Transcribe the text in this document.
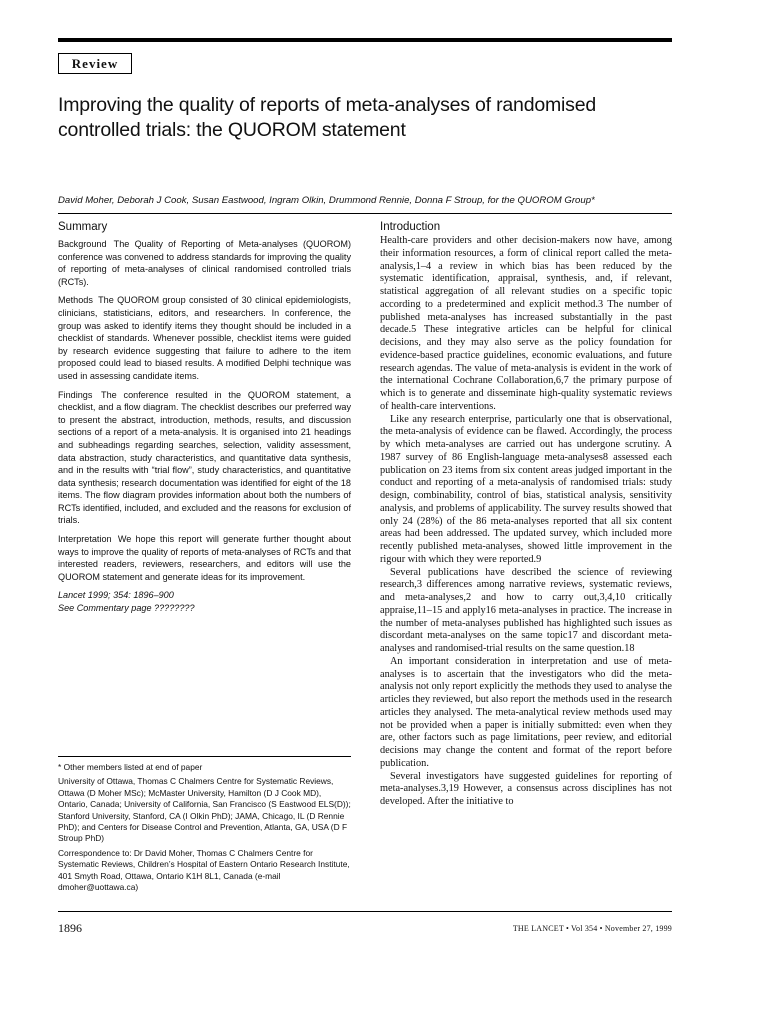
Review
Improving the quality of reports of meta-analyses of randomised controlled trials: the QUOROM statement
David Moher, Deborah J Cook, Susan Eastwood, Ingram Olkin, Drummond Rennie, Donna F Stroup, for the QUOROM Group*
Summary

Background The Quality of Reporting of Meta-analyses (QUOROM) conference was convened to address standards for improving the quality of reporting of meta-analyses of clinical randomised controlled trials (RCTs).

Methods The QUOROM group consisted of 30 clinical epidemiologists, clinicians, statisticians, editors, and researchers. In conference, the group was asked to identify items they thought should be included in a checklist of standards. Whenever possible, checklist items were guided by research evidence suggesting that failure to adhere to the item proposed could lead to biased results. A modified Delphi technique was used in assessing candidate items.

Findings The conference resulted in the QUOROM statement, a checklist, and a flow diagram. The checklist describes our preferred way to present the abstract, introduction, methods, results, and discussion sections of a report of a meta-analysis. It is organised into 21 headings and subheadings regarding searches, selection, validity assessment, data abstraction, study characteristics, and quantitative data synthesis, and in the results with “trial flow”, study characteristics, and quantitative data synthesis; research documentation was identified for eight of the 18 items. The flow diagram provides information about both the numbers of RCTs identified, included, and excluded and the reasons for exclusion of trials.

Interpretation We hope this report will generate further thought about ways to improve the quality of reports of meta-analyses of RCTs and that interested readers, reviewers, researchers, and editors will use the QUOROM statement and generate ideas for its improvement.

Lancet 1999; 354: 1896–900
See Commentary page ????????

* Other members listed at end of paper

University of Ottawa, Thomas C Chalmers Centre for Systematic Reviews, Ottawa (D Moher MSc); McMaster University, Hamilton (D J Cook MD), Ontario, Canada; University of California, San Francisco (S Eastwood ELS(D)); Stanford University, Stanford, CA (I Olkin PhD); JAMA, Chicago, IL (D Rennie PhD); and Centers for Disease Control and Prevention, Atlanta, GA, USA (D F Stroup PhD)

Correspondence to: Dr David Moher, Thomas C Chalmers Centre for Systematic Reviews, Children’s Hospital of Eastern Ontario Research Institute, 401 Smyth Road, Ottawa, Ontario K1H 8L1, Canada (e-mail dmoher@uottawa.ca)

Introduction

Health-care providers and other decision-makers now have, among their information resources, a form of clinical report called the meta-analysis,1–4 a review in which bias has been reduced by the systematic identification, appraisal, synthesis, and, if relevant, statistical aggregation of all relevant studies on a specific topic according to a predetermined and explicit method.3 The number of published meta-analyses has increased substantially in the past decade.5 These integrative articles can be helpful for clinical decisions, and they may also serve as the policy foundation for evidence-based practice guidelines, economic evaluations, and future research agendas. The value of meta-analysis is evident in the work of the international Cochrane Collaboration,6,7 the primary purpose of which is to generate and disseminate high-quality systematic reviews of health-care interventions.

Like any research enterprise, particularly one that is observational, the meta-analysis of evidence can be flawed. Accordingly, the process by which meta-analyses are carried out has undergone scrutiny. A 1987 survey of 86 English-language meta-analyses8 assessed each publication on 23 items from six content areas judged important in the conduct and reporting of a meta-analysis of randomised trials: study design, combinability, control of bias, statistical analysis, sensitivity analysis, and problems of applicability. The survey results showed that only 24 (28%) of the 86 meta-analyses reported that all six content areas had been addressed. The updated survey, which included more recently published meta-analyses, showed little improvement in the rigour with which they were reported.9

Several publications have described the science of reviewing research,3 differences among narrative reviews, systematic reviews, and meta-analyses,2 and how to carry out,3,4,10 critically appraise,11–15 and apply16 meta-analyses in practice. The increase in the number of meta-analyses published has highlighted such issues as discordant meta-analyses on the same topic17 and discordant meta-analyses and randomised-trial results on the same question.18

An important consideration in interpretation and use of meta-analyses is to ascertain that the investigators who did the meta-analysis not only report explicitly the methods they used to analyse the articles they reviewed, but also report the methods used in the research articles they analysed. The meta-analytical review methods used may not be provided when a paper is initially submitted: even when they are, other factors such as page limitations, peer review, and editorial decisions may change the content and format of the report before publication.

Several investigators have suggested guidelines for reporting of meta-analyses.3,19 However, a consensus across disciplines has not developed. After the initiative to

1896	THE LANCET • Vol 354 • November 27, 1999
